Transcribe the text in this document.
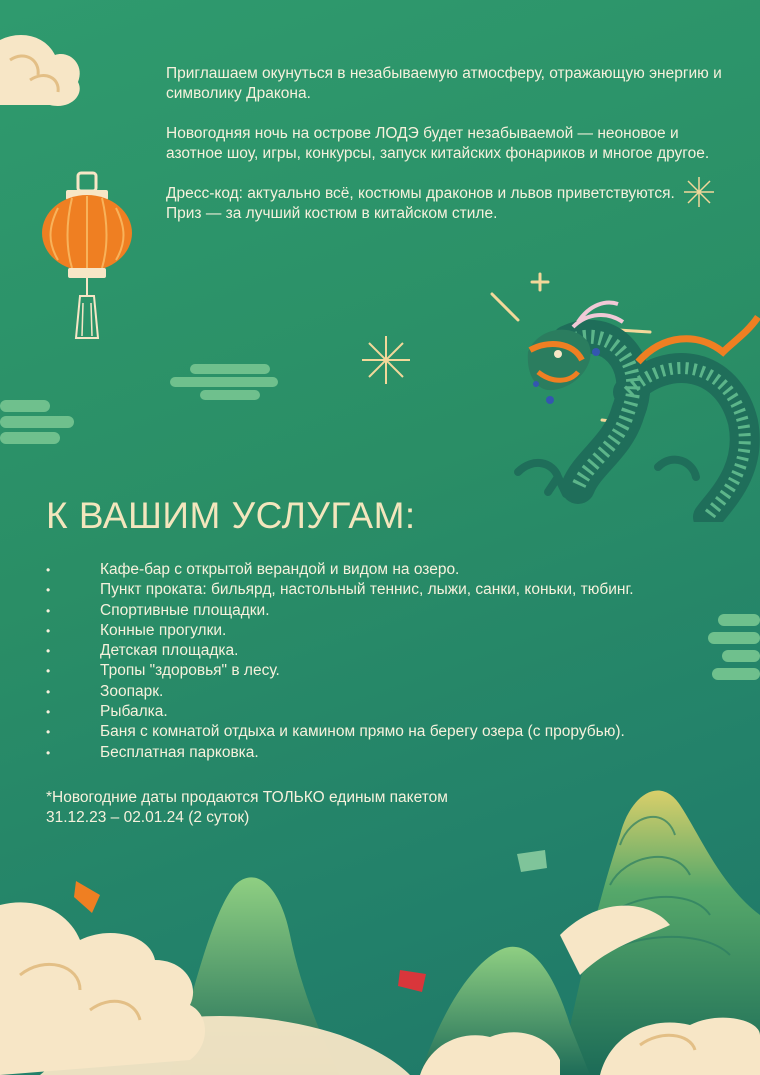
Приглашаем окунуться в незабываемую атмосферу, отражающую энергию и символику Дракона.

Новогодняя ночь на острове ЛОДЭ будет незабываемой — неоновое и азотное шоу, игры, конкурсы, запуск китайских фонариков и многое другое.

Дресс-код: актуально всё, костюмы драконов и львов приветствуются.

Приз — за лучший костюм в китайском стиле.

К ВАШИМ УСЛУГАМ:
•	Кафе-бар с открытой верандой и видом на озеро.
•	Пункт проката: бильярд, настольный теннис, лыжи, санки, коньки, тюбинг.
•	Спортивные площадки.
•	Конные прогулки.
•	Детская площадка.
•	Тропы "здоровья" в лесу.
•	Зоопарк.
•	Рыбалка.
•	Баня с комнатой отдыха и камином прямо на берегу озера (с прорубью).
•	Бесплатная парковка.
*Новогодние даты продаются ТОЛЬКО единым пакетом
31.12.23 – 02.01.24 (2 суток)
